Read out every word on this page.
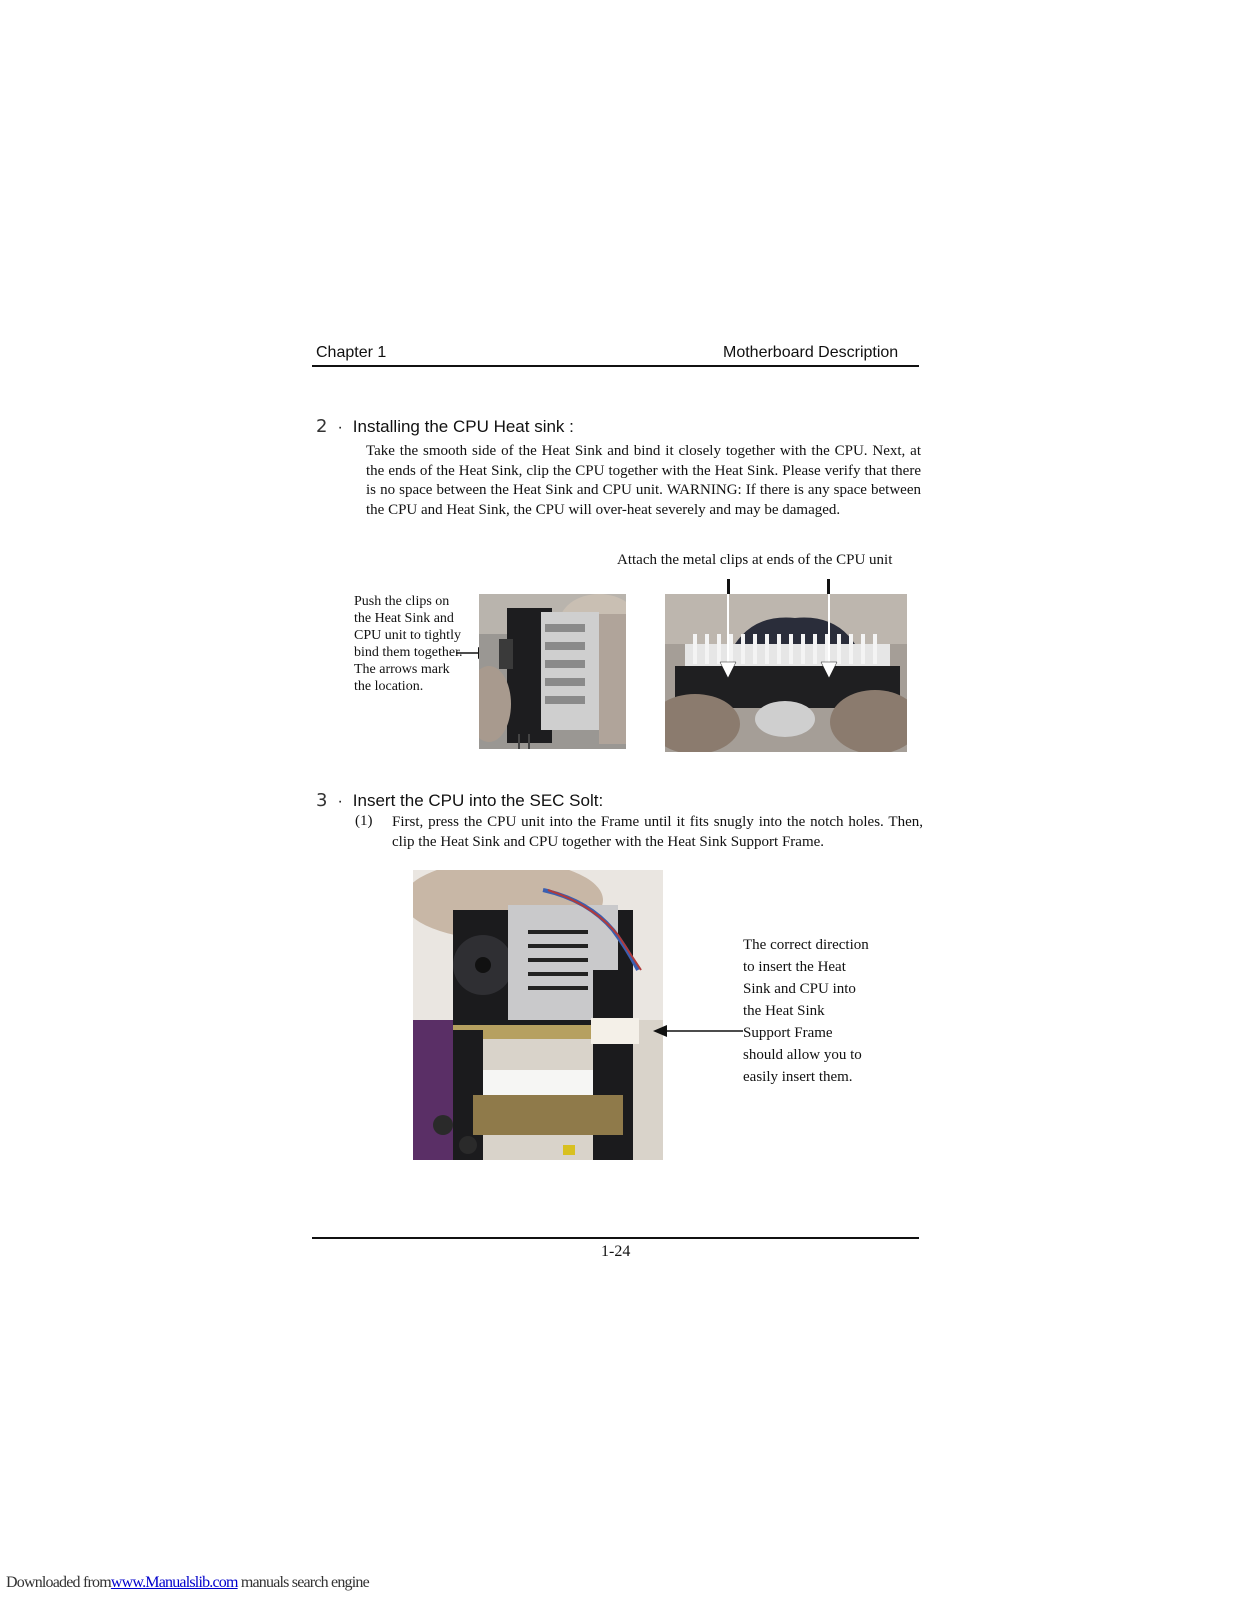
Chapter 1	Motherboard Description
2 · Installing the CPU Heat sink :
Take the smooth side of the Heat Sink and bind it closely together with the CPU. Next, at the ends of the Heat Sink, clip the CPU together with the Heat Sink. Please verify that there is no space between the Heat Sink and CPU unit. WARNING: If there is any space between the CPU and Heat Sink, the CPU will over-heat severely and may be damaged.
Attach the metal clips at ends of the CPU unit
Push the clips on the Heat Sink and CPU unit to tightly bind them together. The arrows mark the location.
3 · Insert the CPU into the SEC Solt:
(1) First, press the CPU unit into the Frame until it fits snugly into the notch holes. Then, clip the Heat Sink and CPU together with the Heat Sink Support Frame.
The correct direction to insert the Heat Sink and CPU into the Heat Sink Support Frame should allow you to easily insert them.
1-24
Downloaded fromwww.Manualslib.com manuals search engine
